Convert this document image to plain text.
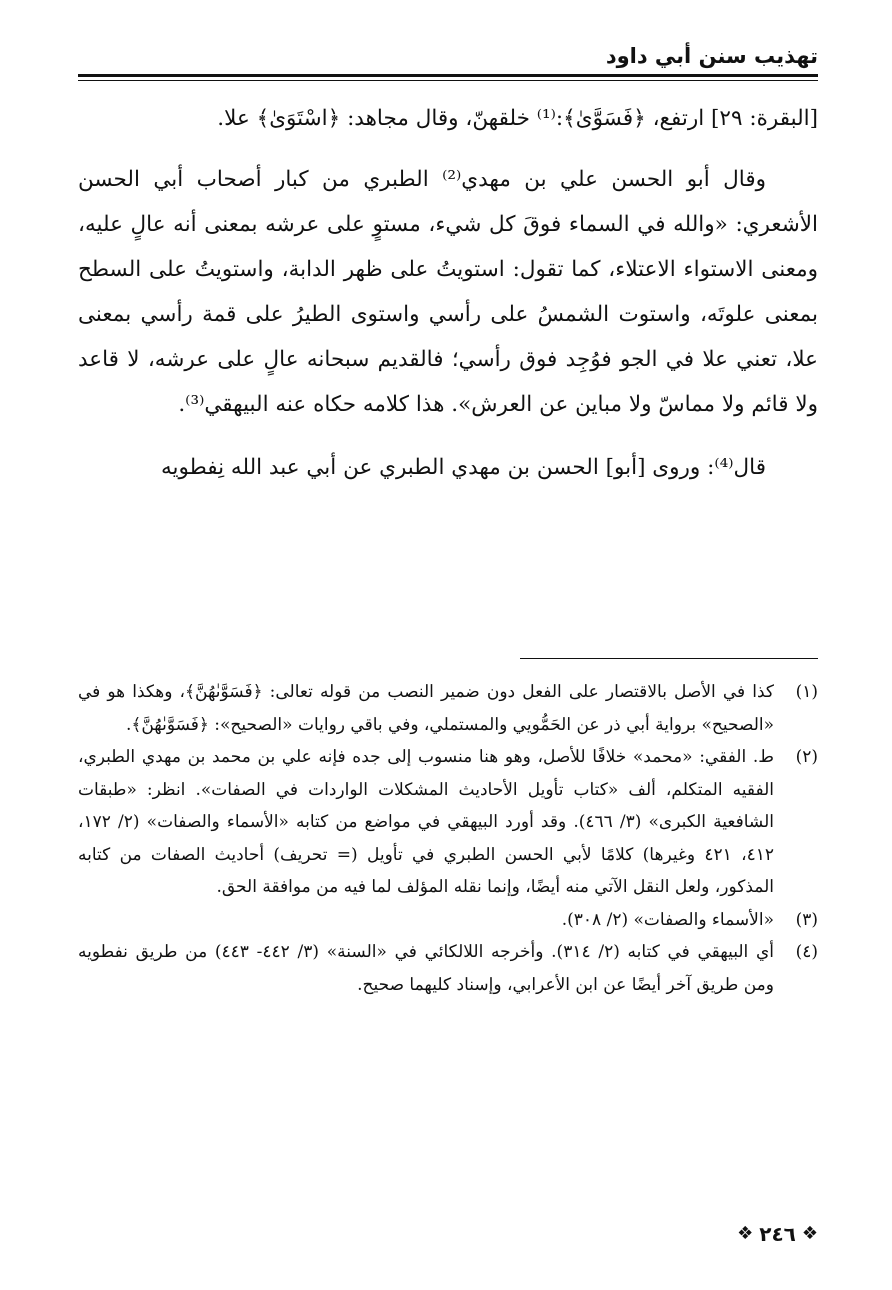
تهذيب سنن أبي داود

[البقرة: ٢٩] ارتفع، ﴿فَسَوَّىٰ﴾:⁽¹⁾ خلقهنّ، وقال مجاهد: ﴿اسْتَوَىٰ﴾ علا.

وقال أبو الحسن علي بن مهدي⁽²⁾ الطبري من كبار أصحاب أبي الحسن الأشعري: «والله في السماء فوقَ كل شيء، مستوٍ على عرشه بمعنى أنه عالٍ عليه، ومعنى الاستواء الاعتلاء، كما تقول: استويتُ على ظهر الدابة، واستويتُ على السطح بمعنى علوتَه، واستوت الشمسُ على رأسي واستوى الطيرُ على قمة رأسي بمعنى علا، تعني علا في الجو فوُجِد فوق رأسي؛ فالقديم سبحانه عالٍ على عرشه، لا قاعد ولا قائم ولا مماسّ ولا مباين عن العرش». هذا كلامه حكاه عنه البيهقي⁽³⁾.

قال⁽⁴⁾: وروى [أبو] الحسن بن مهدي الطبري عن أبي عبد الله نِفطويه

(١)
كذا في الأصل بالاقتصار على الفعل دون ضمير النصب من قوله تعالى: ﴿فَسَوَّىٰهُنَّ﴾، وهكذا هو في «الصحيح» برواية أبي ذر عن الحَمُّويي والمستملي، وفي باقي روايات «الصحيح»: ﴿فَسَوَّىٰهُنَّ﴾.
(٢)
ط. الفقي: «محمد» خلافًا للأصل، وهو هنا منسوب إلى جده فإنه علي بن محمد بن مهدي الطبري، الفقيه المتكلم، ألف «كتاب تأويل الأحاديث المشكلات الواردات في الصفات». انظر: «طبقات الشافعية الكبرى» (٣/ ٤٦٦). وقد أورد البيهقي في مواضع من كتابه «الأسماء والصفات» (٢/ ١٧٢، ٤١٢، ٤٢١ وغيرها) كلامًا لأبي الحسن الطبري في تأويل (= تحريف) أحاديث الصفات من كتابه المذكور، ولعل النقل الآتي منه أيضًا، وإنما نقله المؤلف لما فيه من موافقة الحق.
(٣)
«الأسماء والصفات» (٢/ ٣٠٨).
(٤)
أي البيهقي في كتابه (٢/ ٣١٤). وأخرجه اللالكائي في «السنة» (٣/ ٤٤٢- ٤٤٣) من طريق نفطويه ومن طريق آخر أيضًا عن ابن الأعرابي، وإسناد كليهما صحيح.
❖
٢٤٦
❖
